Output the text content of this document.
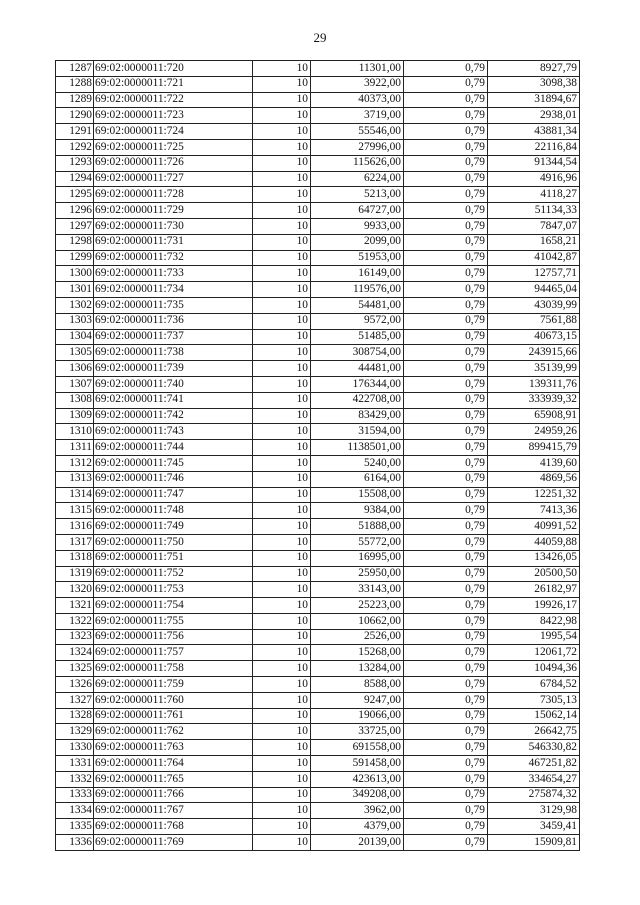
29
1287	69:02:0000011:720	10	11301,00	0,79	8927,79
1288	69:02:0000011:721	10	3922,00	0,79	3098,38
1289	69:02:0000011:722	10	40373,00	0,79	31894,67
1290	69:02:0000011:723	10	3719,00	0,79	2938,01
1291	69:02:0000011:724	10	55546,00	0,79	43881,34
1292	69:02:0000011:725	10	27996,00	0,79	22116,84
1293	69:02:0000011:726	10	115626,00	0,79	91344,54
1294	69:02:0000011:727	10	6224,00	0,79	4916,96
1295	69:02:0000011:728	10	5213,00	0,79	4118,27
1296	69:02:0000011:729	10	64727,00	0,79	51134,33
1297	69:02:0000011:730	10	9933,00	0,79	7847,07
1298	69:02:0000011:731	10	2099,00	0,79	1658,21
1299	69:02:0000011:732	10	51953,00	0,79	41042,87
1300	69:02:0000011:733	10	16149,00	0,79	12757,71
1301	69:02:0000011:734	10	119576,00	0,79	94465,04
1302	69:02:0000011:735	10	54481,00	0,79	43039,99
1303	69:02:0000011:736	10	9572,00	0,79	7561,88
1304	69:02:0000011:737	10	51485,00	0,79	40673,15
1305	69:02:0000011:738	10	308754,00	0,79	243915,66
1306	69:02:0000011:739	10	44481,00	0,79	35139,99
1307	69:02:0000011:740	10	176344,00	0,79	139311,76
1308	69:02:0000011:741	10	422708,00	0,79	333939,32
1309	69:02:0000011:742	10	83429,00	0,79	65908,91
1310	69:02:0000011:743	10	31594,00	0,79	24959,26
1311	69:02:0000011:744	10	1138501,00	0,79	899415,79
1312	69:02:0000011:745	10	5240,00	0,79	4139,60
1313	69:02:0000011:746	10	6164,00	0,79	4869,56
1314	69:02:0000011:747	10	15508,00	0,79	12251,32
1315	69:02:0000011:748	10	9384,00	0,79	7413,36
1316	69:02:0000011:749	10	51888,00	0,79	40991,52
1317	69:02:0000011:750	10	55772,00	0,79	44059,88
1318	69:02:0000011:751	10	16995,00	0,79	13426,05
1319	69:02:0000011:752	10	25950,00	0,79	20500,50
1320	69:02:0000011:753	10	33143,00	0,79	26182,97
1321	69:02:0000011:754	10	25223,00	0,79	19926,17
1322	69:02:0000011:755	10	10662,00	0,79	8422,98
1323	69:02:0000011:756	10	2526,00	0,79	1995,54
1324	69:02:0000011:757	10	15268,00	0,79	12061,72
1325	69:02:0000011:758	10	13284,00	0,79	10494,36
1326	69:02:0000011:759	10	8588,00	0,79	6784,52
1327	69:02:0000011:760	10	9247,00	0,79	7305,13
1328	69:02:0000011:761	10	19066,00	0,79	15062,14
1329	69:02:0000011:762	10	33725,00	0,79	26642,75
1330	69:02:0000011:763	10	691558,00	0,79	546330,82
1331	69:02:0000011:764	10	591458,00	0,79	467251,82
1332	69:02:0000011:765	10	423613,00	0,79	334654,27
1333	69:02:0000011:766	10	349208,00	0,79	275874,32
1334	69:02:0000011:767	10	3962,00	0,79	3129,98
1335	69:02:0000011:768	10	4379,00	0,79	3459,41
1336	69:02:0000011:769	10	20139,00	0,79	15909,81
